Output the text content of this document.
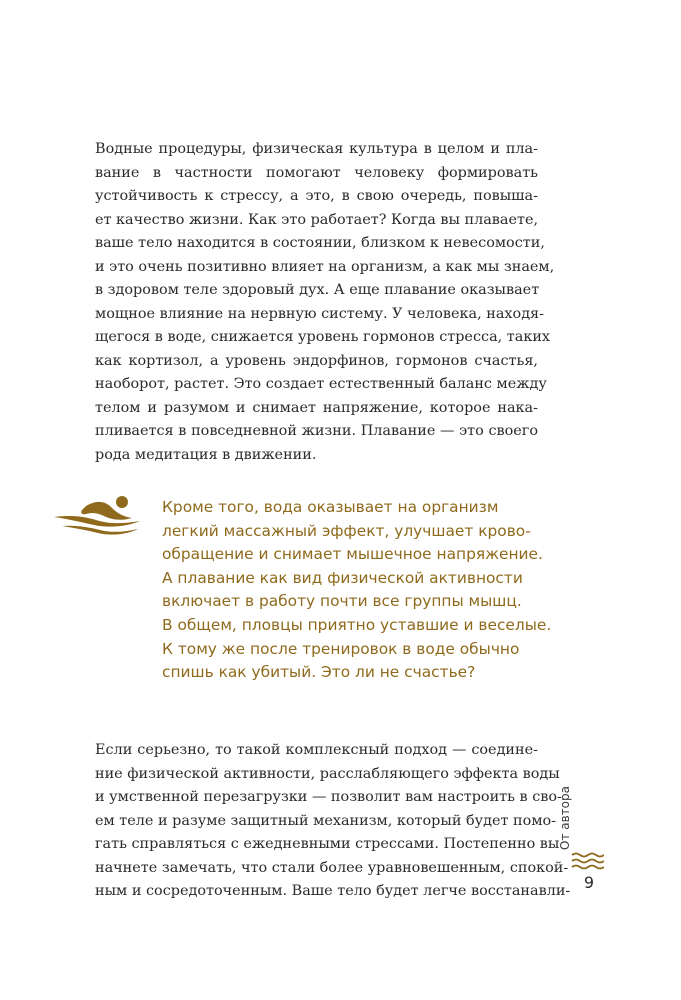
Водные процедуры, физическая культура в целом и пла-
вание в частности помогают человеку формировать
устойчивость к стрессу, а это, в свою очередь, повыша-
ет качество жизни. Как это работает? Когда вы плаваете,
ваше тело находится в состоянии, близком к невесомости,
и это очень позитивно влияет на организм, а как мы знаем,
в здоровом теле здоровый дух. А еще плавание оказывает
мощное влияние на нервную систему. У человека, находя-
щегося в воде, снижается уровень гормонов стресса, таких
как кортизол, а уровень эндорфинов, гормонов счастья,
наоборот, растет. Это создает естественный баланс между
телом и разумом и снимает напряжение, которое нака-
пливается в повседневной жизни. Плавание — это своего
рода медитация в движении.
Кроме того, вода оказывает на организм
легкий массажный эффект, улучшает крово-
обращение и снимает мышечное напряжение.
А плавание как вид физической активности
включает в работу почти все группы мышц.
В общем, пловцы приятно уставшие и веселые.
К тому же после тренировок в воде обычно
спишь как убитый. Это ли не счастье?
Если серьезно, то такой комплексный подход — соедине-
ние физической активности, расслабляющего эффекта воды
и умственной перезагрузки — позволит вам настроить в сво-
ем теле и разуме защитный механизм, который будет помо-
гать справляться с ежедневными стрессами. Постепенно вы
начнете замечать, что стали более уравновешенным, спокой-
ным и сосредоточенным. Ваше тело будет легче восстанавли-
От автора
9
